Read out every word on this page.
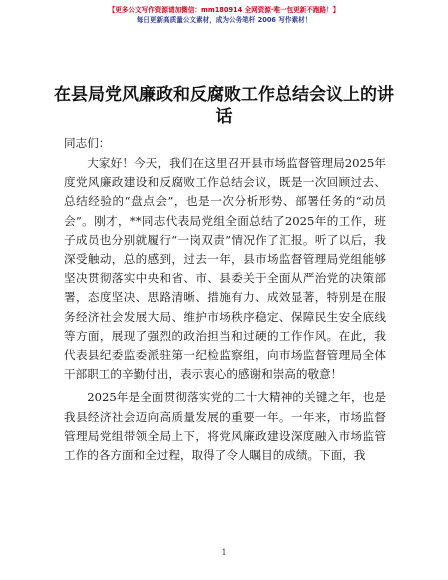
【更多公文写作资源请加微信：mm180914 全网资源·唯一包更新不跑路！】
每日更新高质量公文素材，成为公务笔杆 2006 写作素材！
在县局党风廉政和反腐败工作总结会议上的讲话
同志们：

大家好！今天，我们在这里召开县市场监督管理局2025年度党风廉政建设和反腐败工作总结会议，既是一次回顾过去、总结经验的“盘点会”，也是一次分析形势、部署任务的“动员会”。刚才，**同志代表局党组全面总结了2025年的工作，班子成员也分别就履行“一岗双责”情况作了汇报。听了以后，我深受触动，总的感到，过去一年，县市场监督管理局党组能够坚决贯彻落实中央和省、市、县委关于全面从严治党的决策部署，态度坚决、思路清晰、措施有力、成效显著，特别是在服务经济社会发展大局、维护市场秩序稳定、保障民生安全底线等方面，展现了强烈的政治担当和过硬的工作作风。在此，我代表县纪委监委派驻第一纪检监察组，向市场监督管理局全体干部职工的辛勤付出，表示衷心的感谢和崇高的敬意！

2025年是全面贯彻落实党的二十大精神的关键之年，也是我县经济社会迈向高质量发展的重要一年。一年来，市场监督管理局党组带领全局上下，将党风廉政建设深度融入市场监管工作的各方面和全过程，取得了令人瞩目的成绩。下面，我

1
